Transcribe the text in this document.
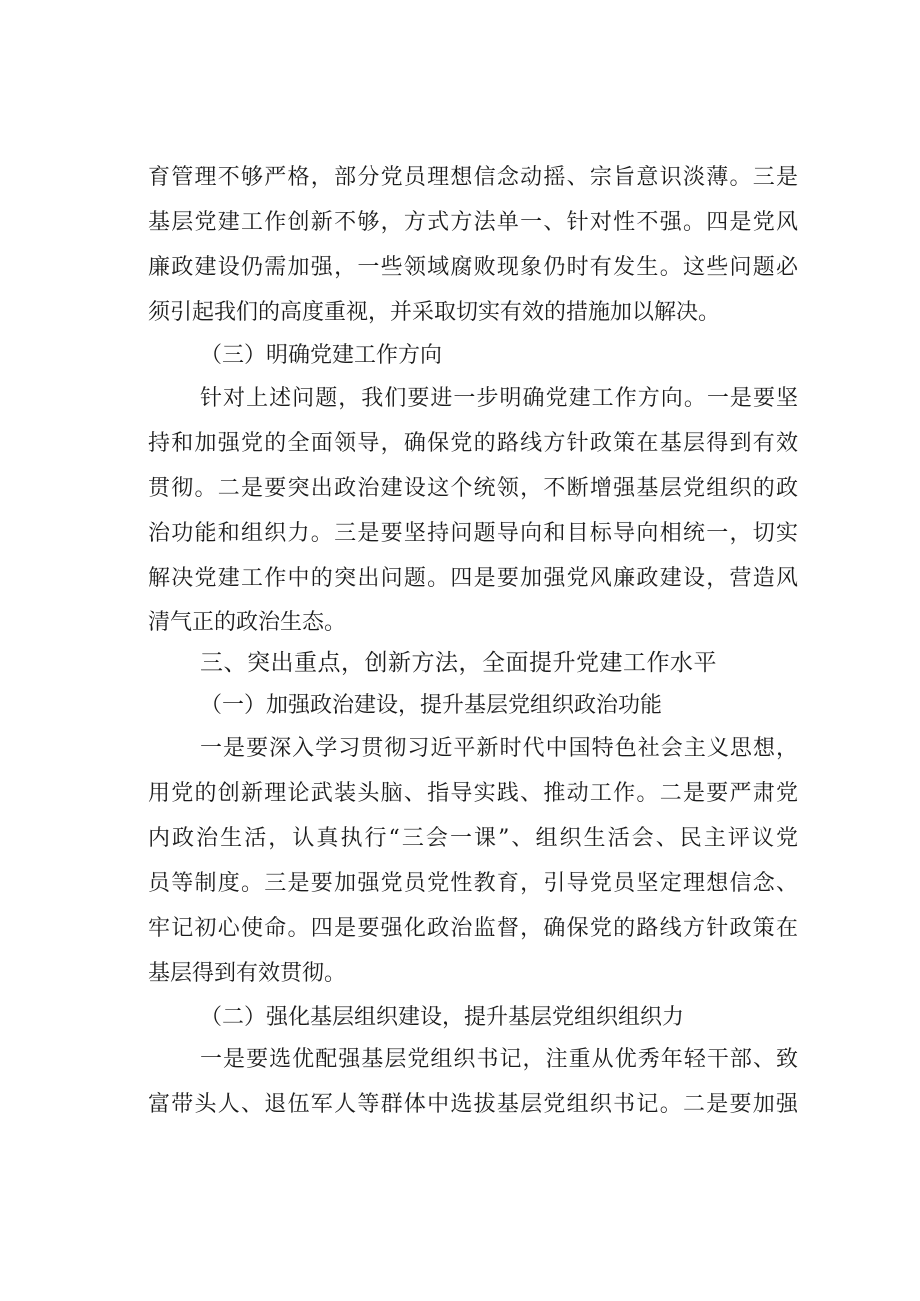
育管理不够严格，部分党员理想信念动摇、宗旨意识淡薄。三是
基层党建工作创新不够，方式方法单一、针对性不强。四是党风
廉政建设仍需加强，一些领域腐败现象仍时有发生。这些问题必
须引起我们的高度重视，并采取切实有效的措施加以解决。
（三）明确党建工作方向
针对上述问题，我们要进一步明确党建工作方向。一是要坚
持和加强党的全面领导，确保党的路线方针政策在基层得到有效
贯彻。二是要突出政治建设这个统领，不断增强基层党组织的政
治功能和组织力。三是要坚持问题导向和目标导向相统一，切实
解决党建工作中的突出问题。四是要加强党风廉政建设，营造风
清气正的政治生态。
三、突出重点，创新方法，全面提升党建工作水平
（一）加强政治建设，提升基层党组织政治功能
一是要深入学习贯彻习近平新时代中国特色社会主义思想，
用党的创新理论武装头脑、指导实践、推动工作。二是要严肃党
内政治生活，认真执行“三会一课”、组织生活会、民主评议党
员等制度。三是要加强党员党性教育，引导党员坚定理想信念、
牢记初心使命。四是要强化政治监督，确保党的路线方针政策在
基层得到有效贯彻。
（二）强化基层组织建设，提升基层党组织组织力
一是要选优配强基层党组织书记，注重从优秀年轻干部、致
富带头人、退伍军人等群体中选拔基层党组织书记。二是要加强
